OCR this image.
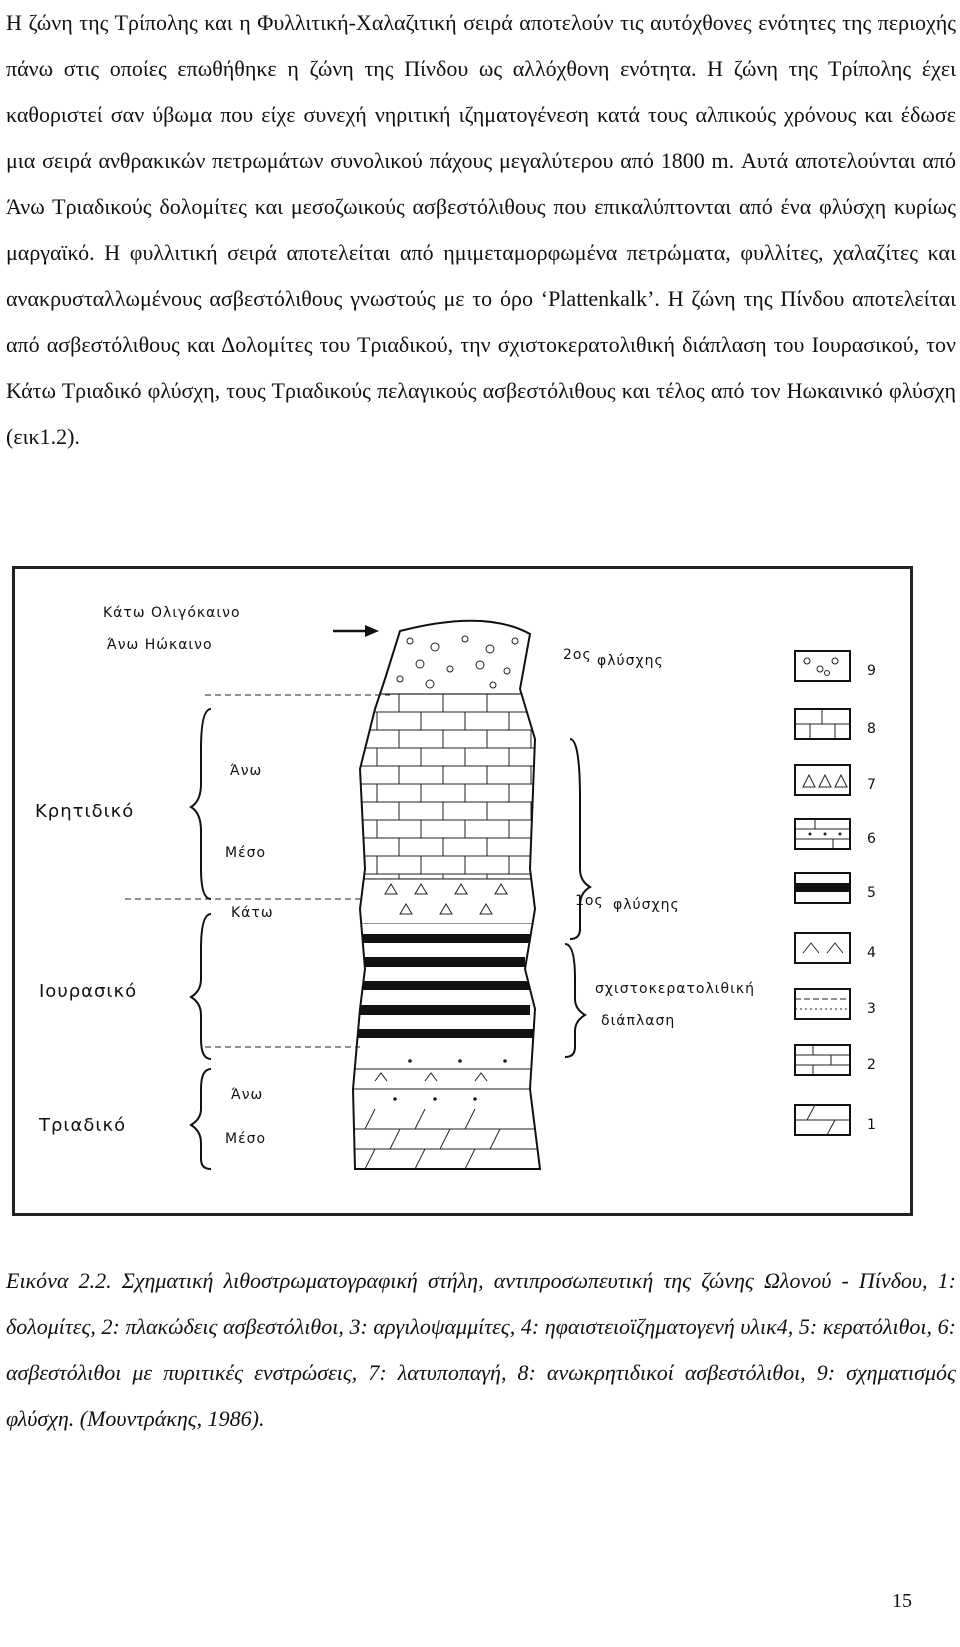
Η ζώνη της Τρίπολης και η Φυλλιτική-Χαλαζιτική σειρά αποτελούν τις αυτόχθονες ενότητες της περιοχής πάνω στις οποίες επωθήθηκε η ζώνη της Πίνδου ως αλλόχθονη ενότητα. Η ζώνη της Τρίπολης έχει καθοριστεί σαν ύβωμα που είχε συνεχή νηριτική ιζηματογένεση κατά τους αλπικούς χρόνους και έδωσε μια σειρά ανθρακικών πετρωμάτων συνολικού πάχους μεγαλύτερου από 1800 m. Αυτά αποτελούνται από Άνω Τριαδικούς δολομίτες και μεσοζωικούς ασβεστόλιθους που επικαλύπτονται από ένα φλύσχη κυρίως μαργαϊκό. Η φυλλιτική σειρά αποτελείται από ημιμεταμορφωμένα πετρώματα, φυλλίτες, χαλαζίτες και ανακρυσταλλωμένους ασβεστόλιθους γνωστούς με το όρο ‘Plattenkalk’. Η ζώνη της Πίνδου αποτελείται από ασβεστόλιθους και Δολομίτες του Τριαδικού, την σχιστοκερατολιθική διάπλαση του Ιουρασικού, τον Κάτω Τριαδικό φλύσχη, τους Τριαδικούς πελαγικούς ασβεστόλιθους και τέλος από τον Ηωκαινικό φλύσχη (εικ1.2).

Κάτω Ολιγόκαινο
Άνω Ηώκαινο
Κρητιδικό
Ιουρασικό
Τριαδικό
Άνω
Μέσο
Κάτω
Άνω
Μέσο
2ος φλύσχης
1ος φλύσχης
σχιστοκερατολιθική
διάπλαση
9
8
7
6
5
4
3
2
1
Εικόνα 2.2. Σχηματική λιθοστρωματογραφική στήλη, αντιπροσωπευτική της ζώνης Ωλονού - Πίνδου, 1: δολομίτες, 2: πλακώδεις ασβεστόλιθοι, 3: αργιλοψαμμίτες, 4: ηφαιστειοϊζηματογενή υλικ4, 5: κερατόλιθοι, 6: ασβεστόλιθοι με πυριτικές ενστρώσεις, 7: λατυποπαγή, 8: ανωκρητιδικοί ασβεστόλιθοι, 9: σχηματισμός φλύσχη. (Μουντράκης, 1986).
15
